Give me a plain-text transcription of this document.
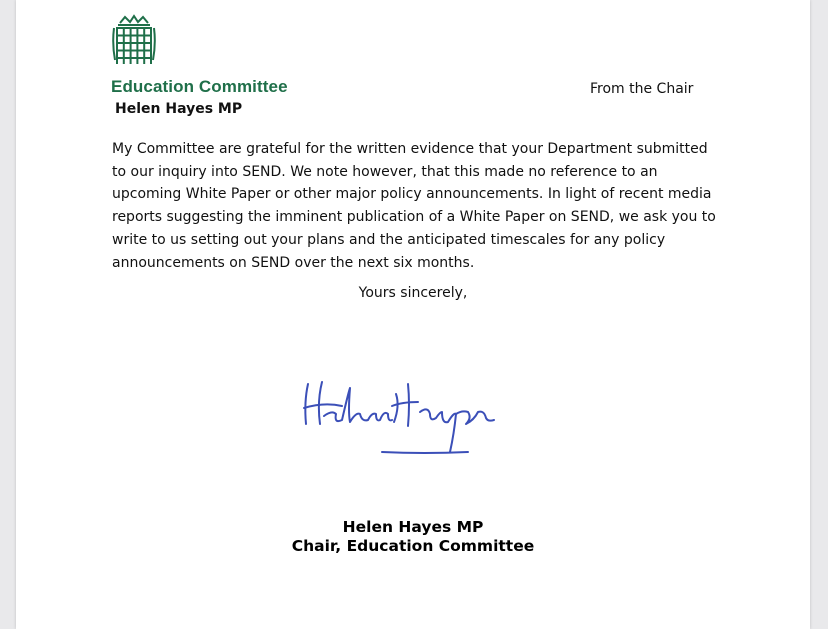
Education Committee	From the Chair
Helen Hayes MP

My Committee are grateful for the written evidence that your Department submitted to our inquiry into SEND. We note however, that this made no reference to an upcoming White Paper or other major policy announcements. In light of recent media reports suggesting the imminent publication of a White Paper on SEND, we ask you to write to us setting out your plans and the anticipated timescales for any policy announcements on SEND over the next six months.

Yours sincerely,
Helen Hayes MP
Chair, Education Committee
